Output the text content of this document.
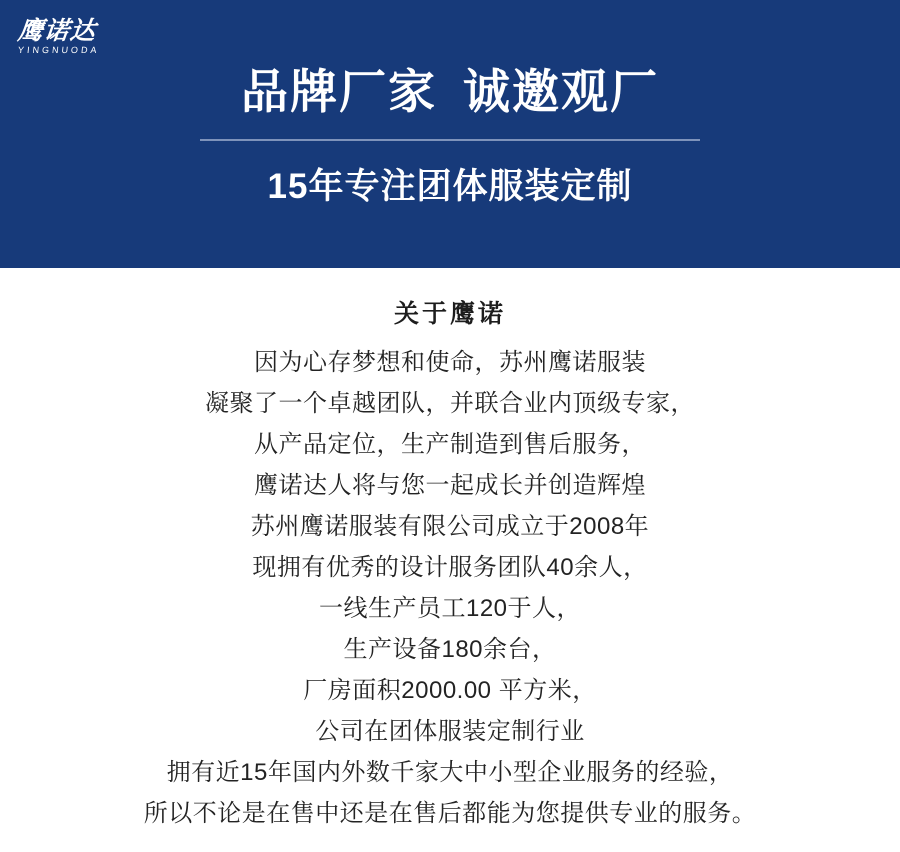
鹰诺达
YINGNUODA
品牌厂家 诚邀观厂
15年专注团体服装定制
关于鹰诺
因为心存梦想和使命，苏州鹰诺服装
凝聚了一个卓越团队，并联合业内顶级专家，
从产品定位，生产制造到售后服务，
鹰诺达人将与您一起成长并创造辉煌
苏州鹰诺服装有限公司成立于2008年
现拥有优秀的设计服务团队40余人，
一线生产员工120于人，
生产设备180余台，
厂房面积2000.00 平方米，
公司在团体服装定制行业
拥有近15年国内外数千家大中小型企业服务的经验，
所以不论是在售中还是在售后都能为您提供专业的服务。
